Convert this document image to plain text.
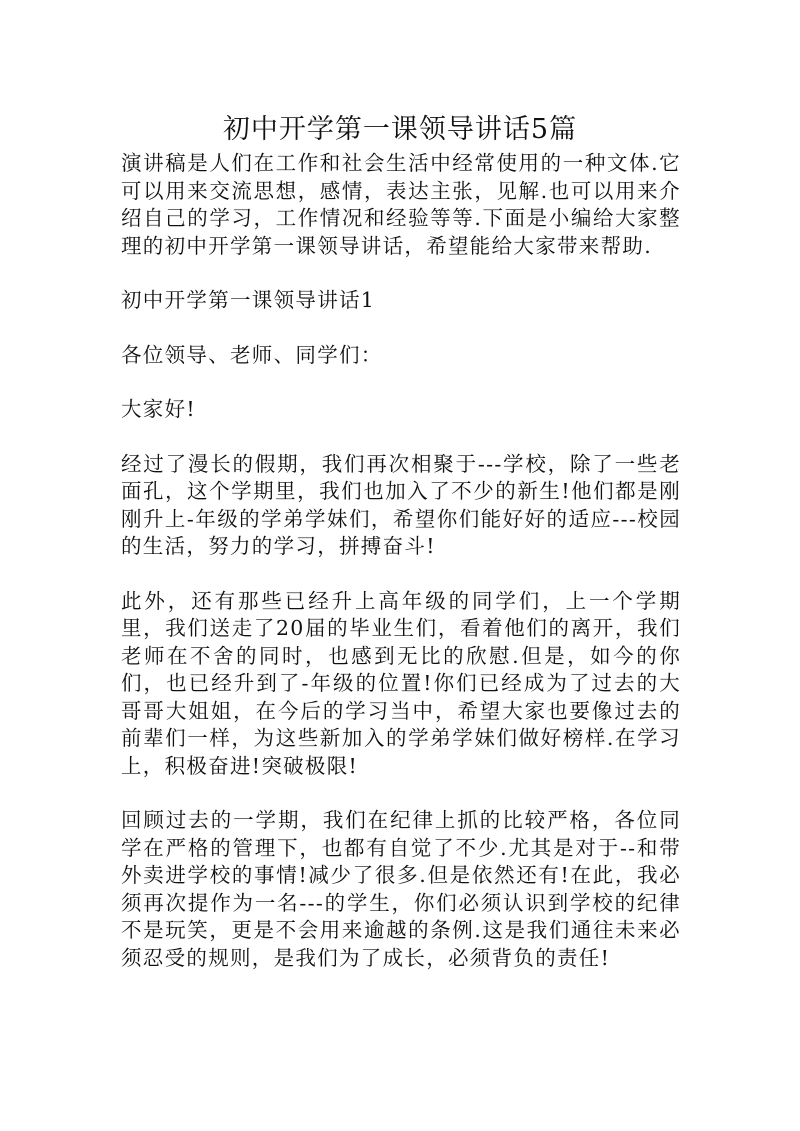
初中开学第一课领导讲话5篇

演讲稿是人们在工作和社会生活中经常使用的一种文体.它可以用来交流思想，感情，表达主张，见解.也可以用来介绍自己的学习，工作情况和经验等等.下面是小编给大家整理的初中开学第一课领导讲话，希望能给大家带来帮助.

初中开学第一课领导讲话1

各位领导、老师、同学们：

大家好!

经过了漫长的假期，我们再次相聚于---学校，除了一些老面孔，这个学期里，我们也加入了不少的新生!他们都是刚刚升上-年级的学弟学妹们，希望你们能好好的适应---校园的生活，努力的学习，拼搏奋斗!

此外，还有那些已经升上高年级的同学们，上一个学期里，我们送走了20届的毕业生们，看着他们的离开，我们老师在不舍的同时，也感到无比的欣慰.但是，如今的你们，也已经升到了-年级的位置!你们已经成为了过去的大哥哥大姐姐，在今后的学习当中，希望大家也要像过去的前辈们一样，为这些新加入的学弟学妹们做好榜样.在学习上，积极奋进!突破极限!

回顾过去的一学期，我们在纪律上抓的比较严格，各位同学在严格的管理下，也都有自觉了不少.尤其是对于--和带外卖进学校的事情!减少了很多.但是依然还有!在此，我必须再次提作为一名---的学生，你们必须认识到学校的纪律不是玩笑，更是不会用来逾越的条例.这是我们通往未来必须忍受的规则，是我们为了成长，必须背负的责任!
